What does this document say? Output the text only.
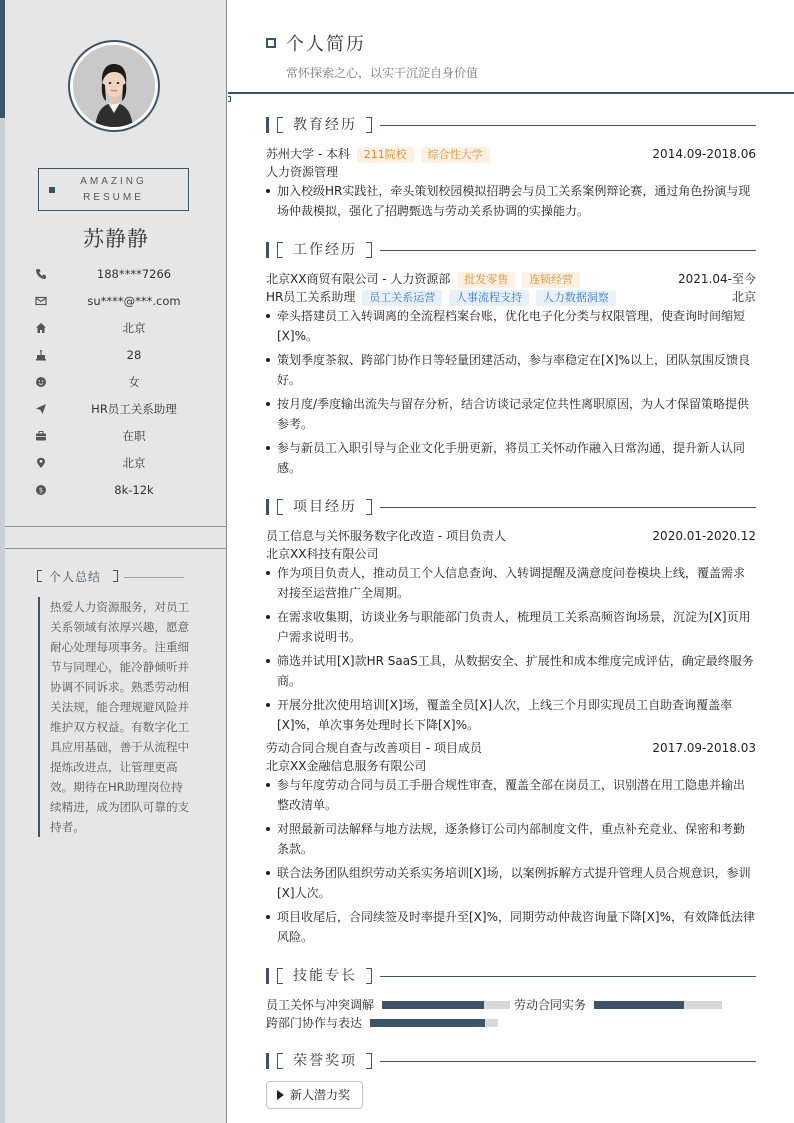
AMAZING
RESUME
苏静静
188****7266
su****@***.com
北京
28
女
HR员工关系助理
在职
北京
$	8k-12k
个人总结
热爱人力资源服务，对员工关系领域有浓厚兴趣，愿意耐心处理每项事务。注重细节与同理心，能冷静倾听并协调不同诉求。熟悉劳动相关法规，能合理规避风险并维护双方权益。有数字化工具应用基础，善于从流程中提炼改进点，让管理更高效。期待在HR助理岗位持续精进，成为团队可靠的支持者。
个人简历
常怀探索之心，以实干沉淀自身价值
教育经历
苏州大学 - 本科 211院校 综合性大学	2014.09-2018.06
人力资源管理
加入校级HR实践社，牵头策划校园模拟招聘会与员工关系案例辩论赛，通过角色扮演与现场仲裁模拟，强化了招聘甄选与劳动关系协调的实操能力。
工作经历
北京XX商贸有限公司 - 人力资源部 批发零售 连锁经营	2021.04-至今
HR员工关系助理 员工关系运营 人事流程支持 人力数据洞察	北京
牵头搭建员工入转调离的全流程档案台账，优化电子化分类与权限管理，使查询时间缩短[X]%。
策划季度茶叙、跨部门协作日等轻量团建活动，参与率稳定在[X]%以上，团队氛围反馈良好。
按月度/季度输出流失与留存分析，结合访谈记录定位共性离职原因，为人才保留策略提供参考。
参与新员工入职引导与企业文化手册更新，将员工关怀动作融入日常沟通，提升新人认同感。
项目经历
员工信息与关怀服务数字化改造 - 项目负责人	2020.01-2020.12
北京XX科技有限公司
作为项目负责人，推动员工个人信息查询、入转调提醒及满意度问卷模块上线，覆盖需求对接至运营推广全周期。
在需求收集期，访谈业务与职能部门负责人，梳理员工关系高频咨询场景，沉淀为[X]页用户需求说明书。
筛选并试用[X]款HR SaaS工具，从数据安全、扩展性和成本维度完成评估，确定最终服务商。
开展分批次使用培训[X]场，覆盖全员[X]人次，上线三个月即实现员工自助查询覆盖率[X]%，单次事务处理时长下降[X]%。
劳动合同合规自查与改善项目 - 项目成员	2017.09-2018.03
北京XX金融信息服务有限公司
参与年度劳动合同与员工手册合规性审查，覆盖全部在岗员工，识别潜在用工隐患并输出整改清单。
对照最新司法解释与地方法规，逐条修订公司内部制度文件，重点补充竞业、保密和考勤条款。
联合法务团队组织劳动关系实务培训[X]场，以案例拆解方式提升管理人员合规意识，参训[X]人次。
项目收尾后，合同续签及时率提升至[X]%，同期劳动仲裁咨询量下降[X]%，有效降低法律风险。
技能专长
员工关怀与冲突调解	劳动合同实务
跨部门协作与表达
荣誉奖项
新人潜力奖
